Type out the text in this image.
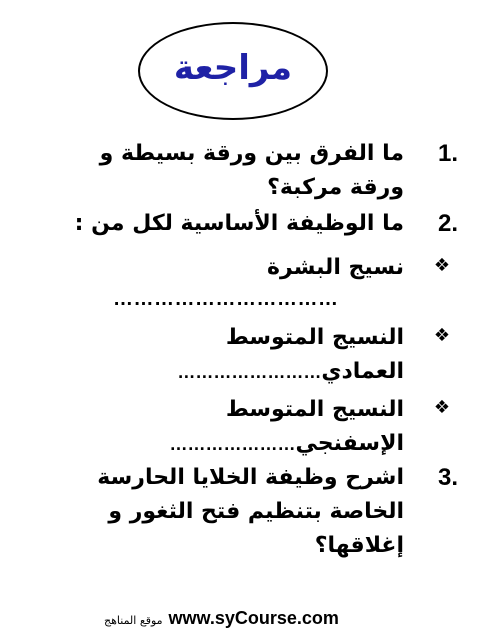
مراجعة
1.
ما الفرق بين ورقة بسيطة و ورقة مركبة؟
2.
ما الوظيفة الأساسية لكل من :
❖
نسيج البشرة
……………………………
❖
النسيج المتوسط
العمادي……………………
❖
النسيج المتوسط
الإسفنجي…………………
3.
اشرح وظيفة الخلايا الحارسة الخاصة بتنظيم فتح الثغور و إغلاقها؟
موقع المناهج www.syCourse.com
